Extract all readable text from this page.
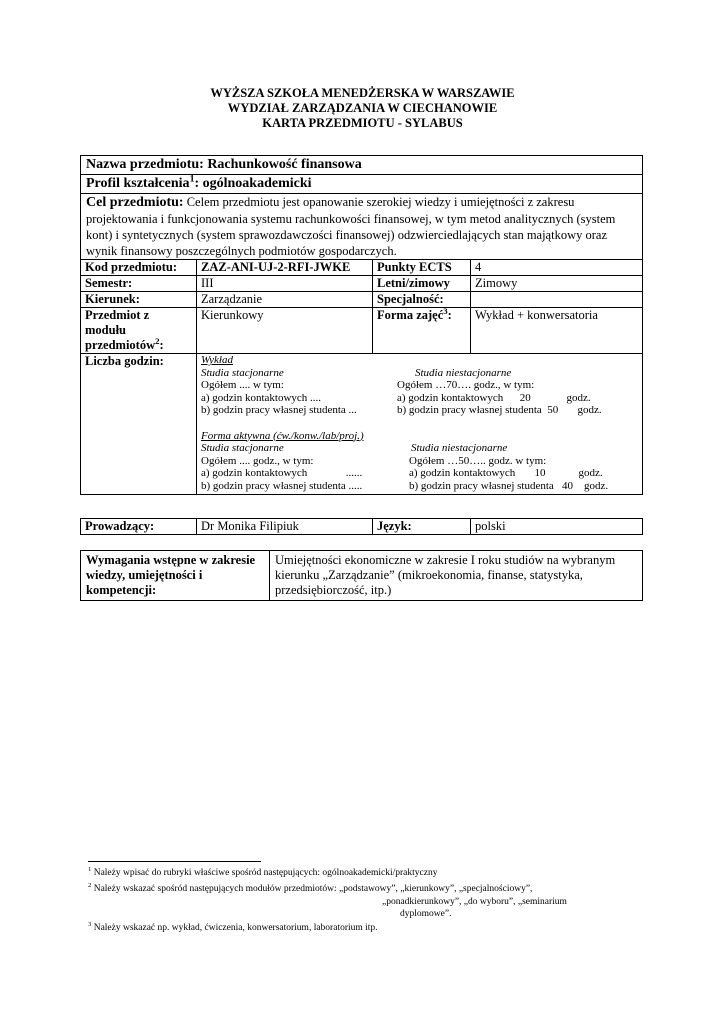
WYŻSZA SZKOŁA MENEDŻERSKA W WARSZAWIE
WYDZIAŁ ZARZĄDZANIA W CIECHANOWIE
KARTA PRZEDMIOTU - SYLABUS
Nazwa przedmiotu: Rachunkowość finansowa
Profil kształcenia$^1$: ogólnoakademicki
Cel przedmiotu: Celem przedmiotu jest opanowanie szerokiej wiedzy i umiejętności z zakresu projektowania i funkcjonowania systemu rachunkowości finansowej, w tym metod analitycznych (system kont) i syntetycznych (system sprawozdawczości finansowej) odzwierciedlających stan majątkowy oraz wynik finansowy poszczególnych podmiotów gospodarczych.
Kod przedmiotu:	ZAZ-ANI-UJ-2-RFI-JWKE	Punkty ECTS	4
Semestr:	III	Letni/zimowy	Zimowy
Kierunek:	Zarządzanie	Specjalność:
Przedmiot z
modułu
przedmiotów$^2$:
Kierunkowy	Forma zajęć$^3$:	Wykład + konwersatoria
Liczba godzin:	Wykład
Studia stacjonarne	Studia niestacjonarne
Ogółem .... w tym:	Ogółem …70…. godz., w tym:
a) godzin kontaktowych ....	a) godzin kontaktowych      20             godz.
b) godzin pracy własnej studenta ...	b) godzin pracy własnej studenta  50       godz.
Forma aktywna (ćw./konw./lab/proj.)
Studia stacjonarne	Studia niestacjonarne
Ogółem .... godz., w tym:	Ogółem …50….. godz. w tym:
a) godzin kontaktowych              ......	a) godzin kontaktowych       10            godz.
b) godzin pracy własnej studenta .....	b) godzin pracy własnej studenta   40    godz.
Prowadzący:	Dr Monika Filipiuk	Język:	polski
Wymagania wstępne w zakresie wiedzy, umiejętności i kompetencji:
Umiejętności ekonomiczne w zakresie I roku studiów na wybranym kierunku „Zarządzanie” (mikroekonomia, finanse, statystyka, przedsiębiorczość, itp.)
$^1$ Należy wpisać do rubryki właściwe spośród następujących: ogólnoakademicki/praktyczny
$^2$ Należy wskazać spośród następujących modułów przedmiotów: „podstawowy”, „kierunkowy”, „specjalnościowy”,
„ponadkierunkowy”, „do wyboru”, „seminarium
dyplomowe”.
$^3$ Należy wskazać np. wykład, ćwiczenia, konwersatorium, laboratorium itp.
